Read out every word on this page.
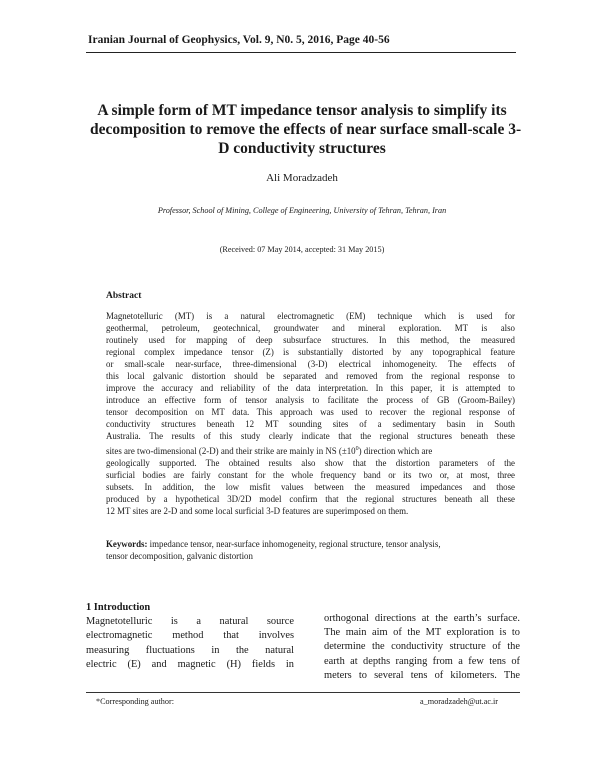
Iranian Journal of Geophysics, Vol. 9, N0. 5, 2016, Page 40-56
A simple form of MT impedance tensor analysis to simplify its
decomposition to remove the effects of near surface small-scale 3-
D conductivity structures
Ali Moradzadeh
Professor, School of Mining, College of Engineering, University of Tehran, Tehran, Iran
(Received: 07 May 2014, accepted: 31 May 2015)
Abstract
Magnetotelluric (MT) is a natural electromagnetic (EM) technique which is used for
geothermal, petroleum, geotechnical, groundwater and mineral exploration. MT is also
routinely used for mapping of deep subsurface structures. In this method, the measured
regional complex impedance tensor (Z) is substantially distorted by any topographical feature
or small-scale near-surface, three-dimensional (3-D) electrical inhomogeneity. The effects of
this local galvanic distortion should be separated and removed from the regional response to
improve the accuracy and reliability of the data interpretation. In this paper, it is attempted to
introduce an effective form of tensor analysis to facilitate the process of GB (Groom-Bailey)
tensor decomposition on MT data. This approach was used to recover the regional response of
conductivity structures beneath 12 MT sounding sites of a sedimentary basin in South
Australia. The results of this study clearly indicate that the regional structures beneath these
sites are two-dimensional (2-D) and their strike are mainly in NS $(\pm 10^0)$ direction which are
geologically supported. The obtained results also show that the distortion parameters of the
surficial bodies are fairly constant for the whole frequency band or its two or, at most, three
subsets. In addition, the low misfit values between the measured impedances and those
produced by a hypothetical 3D/2D model confirm that the regional structures beneath all these
12 MT sites are 2-D and some local surficial 3-D features are superimposed on them.
Keywords: impedance tensor, near-surface inhomogeneity, regional structure, tensor analysis,
tensor decomposition, galvanic distortion
1 Introduction
Magnetotelluric is a natural source
electromagnetic method that involves
measuring fluctuations in the natural
electric (E) and magnetic (H) fields in
orthogonal directions at the earth’s surface.
The main aim of the MT exploration is to
determine the conductivity structure of the
earth at depths ranging from a few tens of
meters to several tens of kilometers. The
*Corresponding author:	a_moradzadeh@ut.ac.ir
